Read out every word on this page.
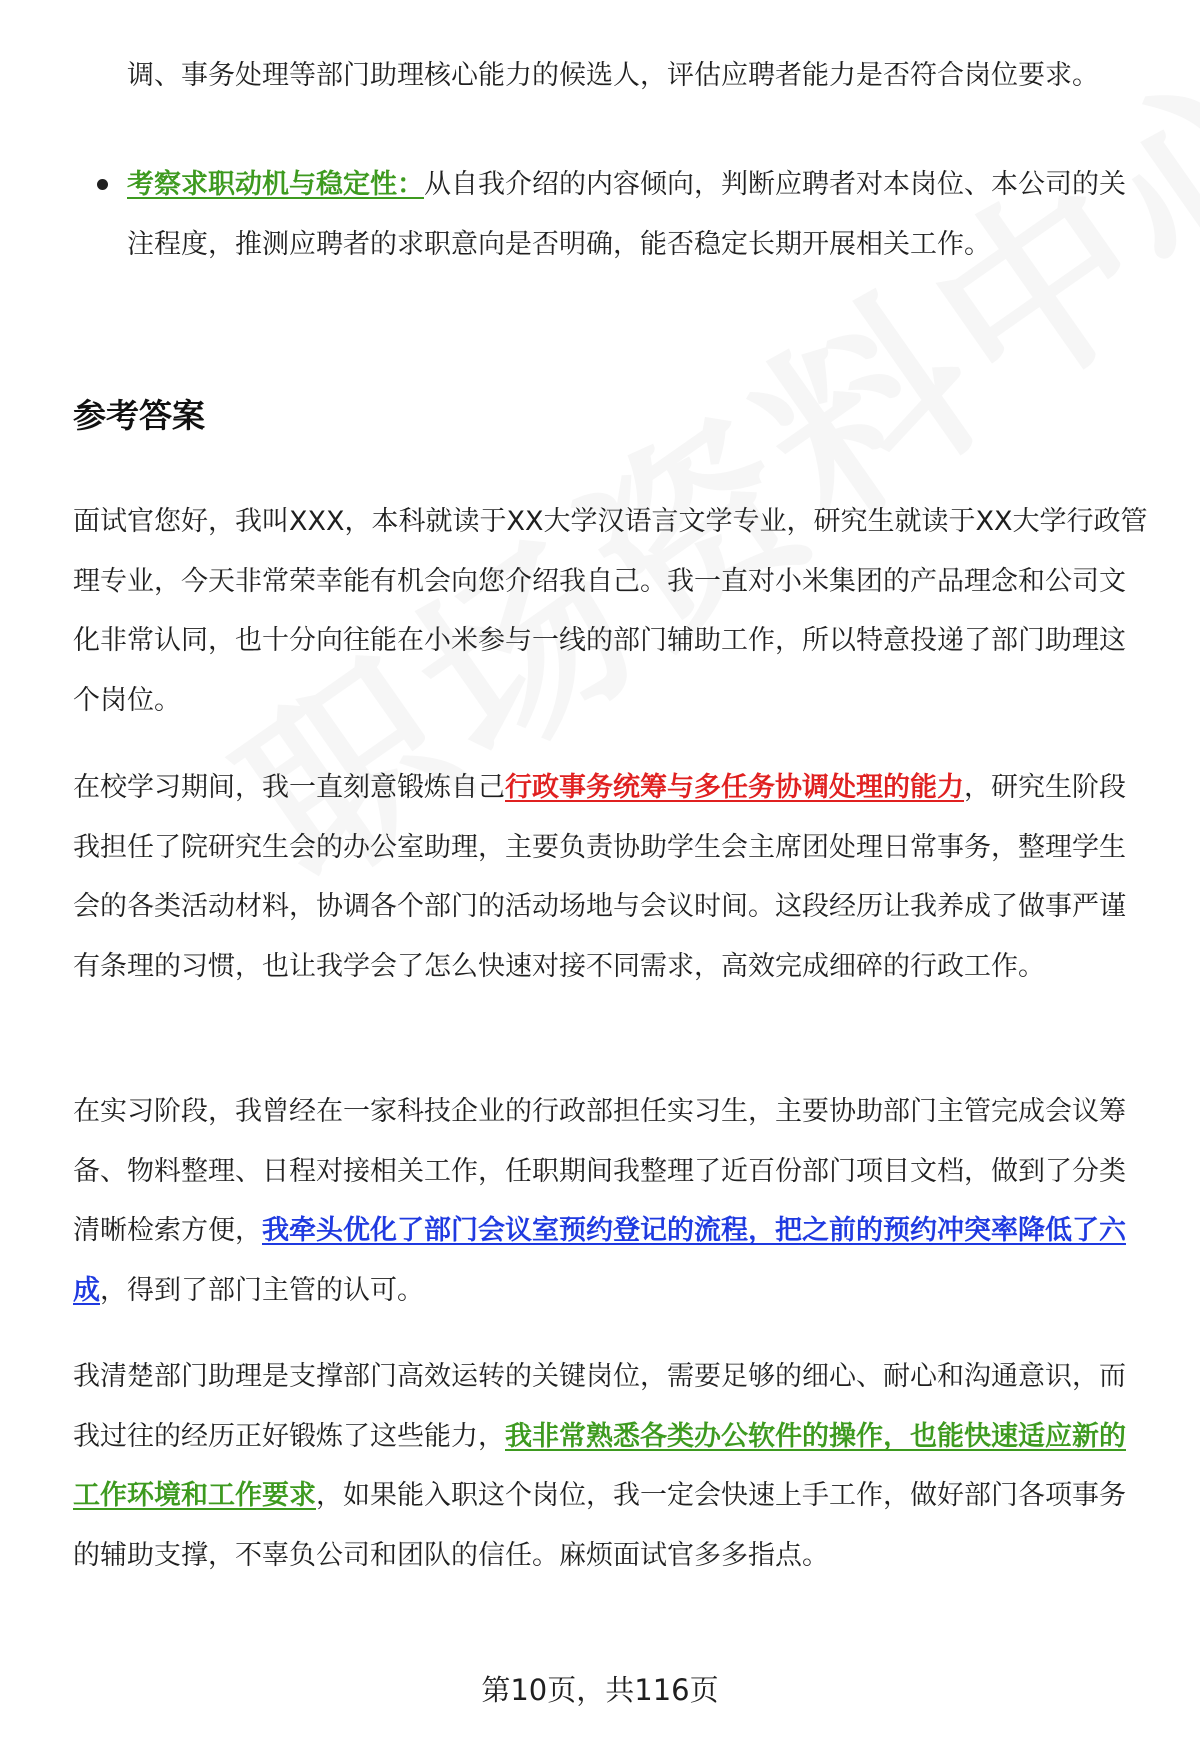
调、事务处理等部门助理核心能力的候选人，评估应聘者能力是否符合岗位要求。
考察求职动机与稳定性：从自我介绍的内容倾向，判断应聘者对本岗位、本公司的关注程度，推测应聘者的求职意向是否明确，能否稳定长期开展相关工作。
参考答案
面试官您好，我叫XXX，本科就读于XX大学汉语言文学专业，研究生就读于XX大学行政管理专业，今天非常荣幸能有机会向您介绍我自己。我一直对小米集团的产品理念和公司文化非常认同，也十分向往能在小米参与一线的部门辅助工作，所以特意投递了部门助理这个岗位。
在校学习期间，我一直刻意锻炼自己行政事务统筹与多任务协调处理的能力，研究生阶段我担任了院研究生会的办公室助理，主要负责协助学生会主席团处理日常事务，整理学生会的各类活动材料，协调各个部门的活动场地与会议时间。这段经历让我养成了做事严谨有条理的习惯，也让我学会了怎么快速对接不同需求，高效完成细碎的行政工作。
在实习阶段，我曾经在一家科技企业的行政部担任实习生，主要协助部门主管完成会议筹备、物料整理、日程对接相关工作，任职期间我整理了近百份部门项目文档，做到了分类清晰检索方便，我牵头优化了部门会议室预约登记的流程，把之前的预约冲突率降低了六成，得到了部门主管的认可。
我清楚部门助理是支撑部门高效运转的关键岗位，需要足够的细心、耐心和沟通意识，而我过往的经历正好锻炼了这些能力，我非常熟悉各类办公软件的操作，也能快速适应新的工作环境和工作要求，如果能入职这个岗位，我一定会快速上手工作，做好部门各项事务的辅助支撑，不辜负公司和团队的信任。麻烦面试官多多指点。
第10页，共116页
